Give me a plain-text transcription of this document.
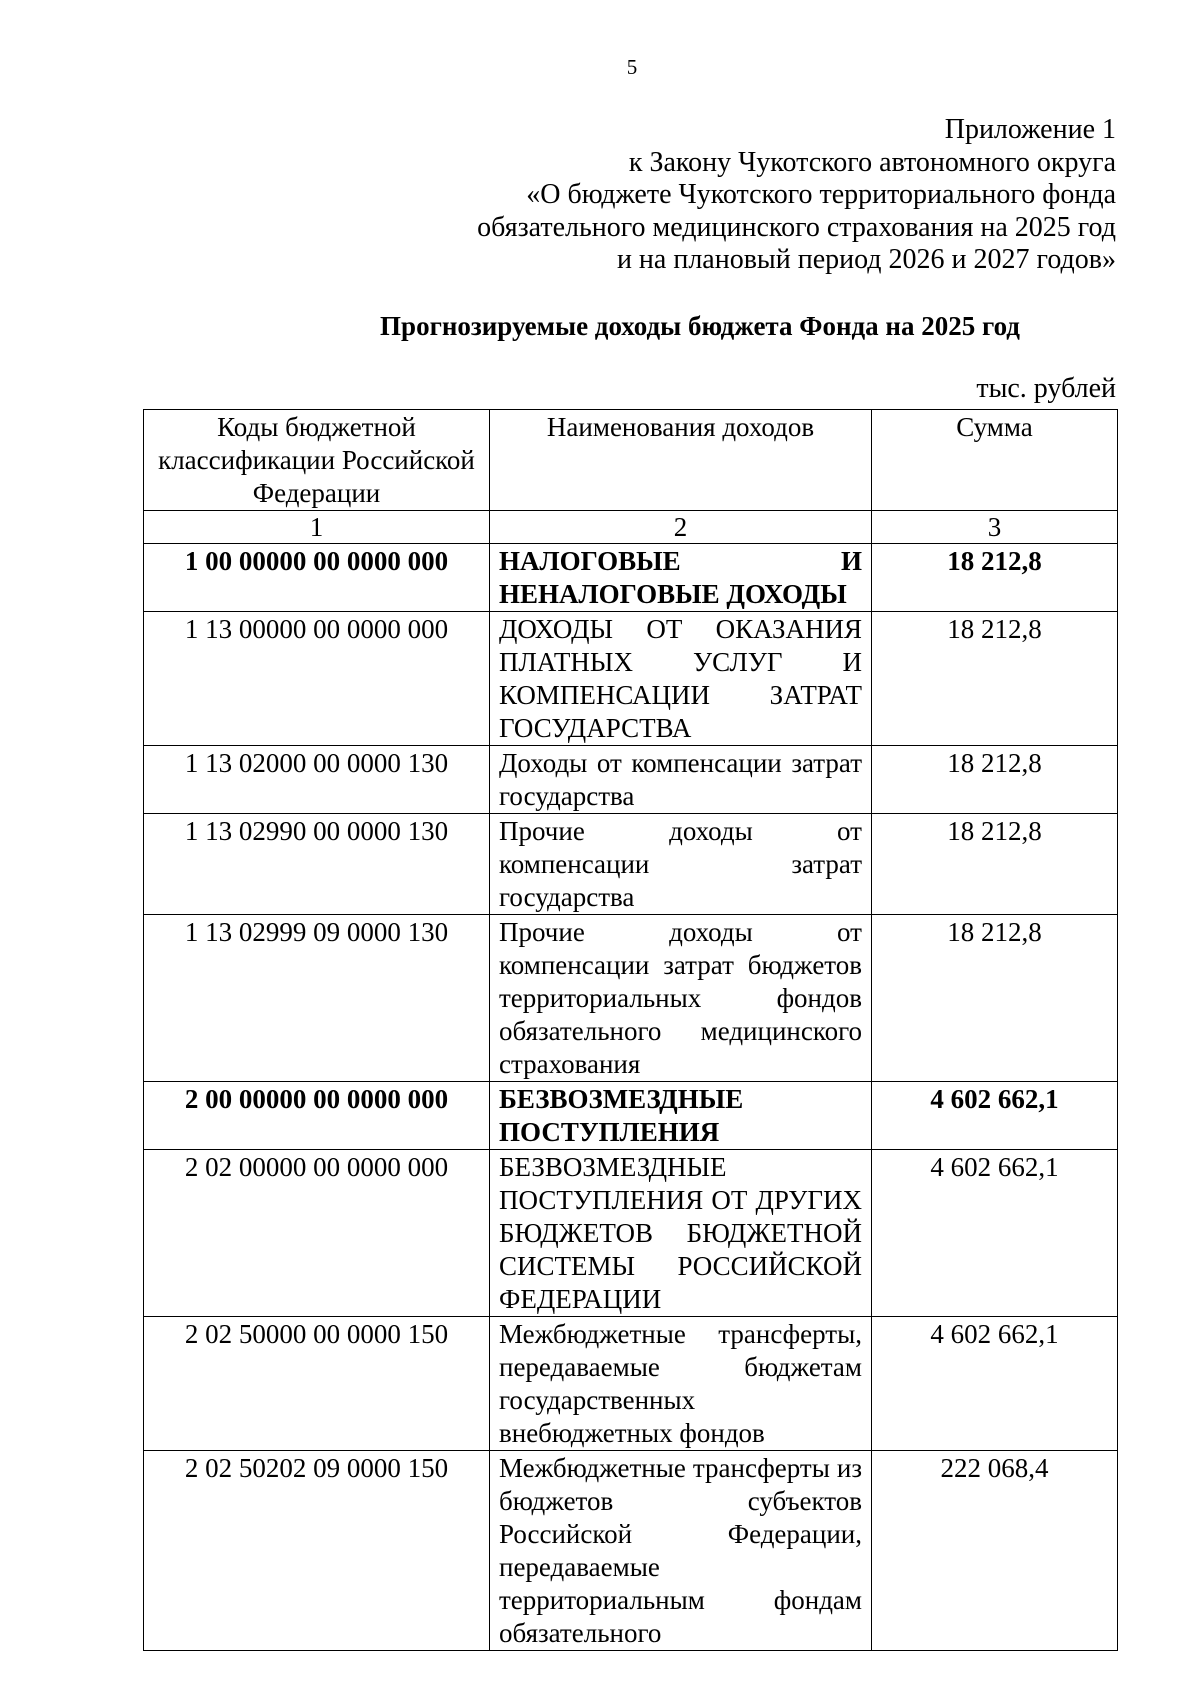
5
Приложение 1
к Закону Чукотского автономного округа
«О бюджете Чукотского территориального фонда
обязательного медицинского страхования на 2025 год
и на плановый период 2026 и 2027 годов»
Прогнозируемые доходы бюджета Фонда на 2025 год
тыс. рублей
Коды бюджетной классификации Российской Федерации	Наименования доходов	Сумма
1	2	3
1 00 00000 00 0000 000	НАЛОГОВЫЕ И НЕНАЛОГОВЫЕ ДОХОДЫ	18 212,8
1 13 00000 00 0000 000	ДОХОДЫ ОТ ОКАЗАНИЯ ПЛАТНЫХ УСЛУГ И КОМПЕНСАЦИИ ЗАТРАТ ГОСУДАРСТВА	18 212,8
1 13 02000 00 0000 130	Доходы от компенсации затрат государства	18 212,8
1 13 02990 00 0000 130	Прочие доходы от компенсации затрат государства	18 212,8
1 13 02999 09 0000 130	Прочие доходы от компенсации затрат бюджетов территориальных фондов обязательного медицинского страхования	18 212,8
2 00 00000 00 0000 000	БЕЗВОЗМЕЗДНЫЕ ПОСТУПЛЕНИЯ	4 602 662,1
2 02 00000 00 0000 000	БЕЗВОЗМЕЗДНЫЕ ПОСТУПЛЕНИЯ ОТ ДРУГИХ БЮДЖЕТОВ БЮДЖЕТНОЙ СИСТЕМЫ РОССИЙСКОЙ ФЕДЕРАЦИИ	4 602 662,1
2 02 50000 00 0000 150	Межбюджетные трансферты, передаваемые бюджетам государственных внебюджетных фондов	4 602 662,1
2 02 50202 09 0000 150	Межбюджетные трансферты из бюджетов субъектов Российской Федерации, передаваемые территориальным фондам обязательного	222 068,4
